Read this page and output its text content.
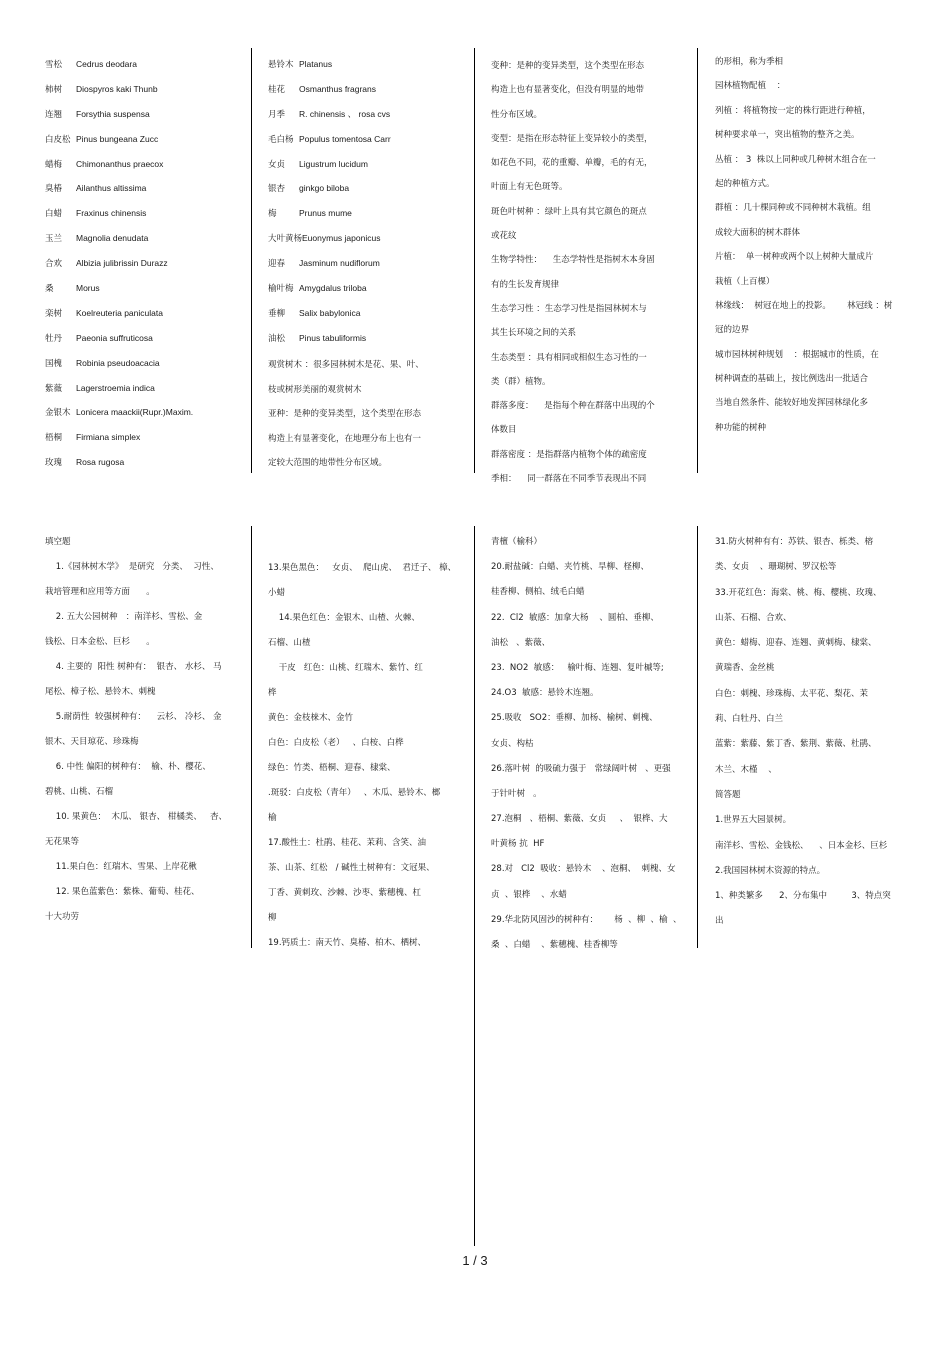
雪松 Cedrus deodara

柿树 Diospyros kaki Thunb

连翘 Forsythia suspensa

白皮松 Pinus bungeana Zucc

蜡梅 Chimonanthus praecox

臭椿 Ailanthus altissima

白蜡 Fraxinus chinensis

玉兰 Magnolia denudata

合欢 Albizia julibrissin Durazz

桑	Morus

栾树 Koelreuteria paniculata

牡丹 Paeonia suffruticosa

国槐 Robinia pseudoacacia

紫薇 Lagerstroemia indica

金银木 Lonicera maackii(Rupr.)Maxim.

梧桐 Firmiana simplex

玫瑰 Rosa rugosa

悬铃木 Platanus

桂花 Osmanthus fragrans

月季 R. chinensis 、 rosa cvs

毛白杨 Populus tomentosa Carr

女贞 Ligustrum lucidum

银杏 ginkgo biloba

梅	Prunus mume

大叶黄杨Euonymus japonicus

迎春 Jasminum nudiflorum

榆叶梅 Amygdalus triloba

垂柳 Salix babylonica

油松 Pinus tabuliformis

观赏树木 ：很多园林树木是花、果、叶、

枝或树形美丽的观赏树木

亚种：是种的变异类型，这个类型在形态

构造上有显著变化，在地理分布上也有一

定较大范围的地带性分布区域。

变种：是种的变异类型，这个类型在形态

构造上也有显著变化，但没有明显的地带

性分布区域。

变型：是指在形态特征上变异较小的类型，

如花色不同，花的重瓣、单瓣，毛的有无，

叶面上有无色斑等。

斑色叶树种 ：绿叶上具有其它颜色的斑点

或花纹

生物学特性：    生态学特性是指树木本身固

有的生长发育规律

生态学习性 ：生态学习性是指园林树木与

其生长环境之间的关系

生态类型 ：具有相同或相似生态习性的一

类（群）植物。

群落多度：    是指每个种在群落中出现的个

体数目

群落密度 ：是指群落内植物个体的疏密度

季相：    同一群落在不同季节表现出不同

的形相，称为季相

园林植物配植    ：

列植 ：将植物按一定的株行距进行种植，

树种要求单一，突出植物的整齐之美。

丛植 ： 3  株以上同种或几种树木组合在一

起的种植方式。

群植 ：几十棵同种或不同种树木栽植。组

成较大面积的树木群体

片植：  单一树种或两个以上树种大量成片

栽植（上百棵）

林缘线：  树冠在地上的投影。      林冠线 ：树

冠的边界

城市园林树种规划    ：根据城市的性质，在

树种调查的基础上，按比例选出一批适合

当地自然条件、能较好地发挥园林绿化多

种功能的树种

填空题

1.《园林树木学》  是研究   分类、  习性、

栽培管理和应用等方面      。

2. 五大公园树种   ：南洋杉、雪松、金

钱松、日本金松、巨杉      。

4. 主要的  阳性 树种有：  银杏、 水杉、 马

尾松、樟子松、悬铃木、刺槐

5.耐荫性  较强树种有：    云杉、 冷杉、 金

银木、天目琼花、珍珠梅

6. 中性 偏阳的树种有：  榆、朴、樱花、

碧桃、山桃、石榴

10. 果黄色：  木瓜、 银杏、 柑橘类、   杏、

无花果等

11.果白色：红瑞木、雪果、上岸花楸

12. 果色蓝紫色：紫株、葡萄、桂花、

十大功劳

13.果色黑色：   女贞、  爬山虎、  君迁子、 樟、

小蜡

14.果色红色：金银木、山楂、火棘、

石榴、山楂

干皮   红色：山桃、红瑞木、紫竹、红

桦

黄色：金枝梾木、金竹

白色：白皮松（老）   、白桉、白桦

绿色：竹类、梧桐、迎春、棣棠、

.斑驳：白皮松（青年）   、木瓜、悬铃木、榔

榆

17.酸性土：杜鹃、桂花、茉莉、含笑、油

茶、山茶、红松   / 碱性土树种有：文冠果、

丁香、黄刺玫、沙棘、沙枣、紫穗槐、杠

柳

19.钙质土：南天竹、臭椿、柏木、栖树、

青檀（榆科）

20.耐盐碱：白蜡、夹竹桃、旱柳、柽柳、

桂香柳、侧柏、绒毛白蜡

22.  Cl2  敏感：加拿大杨    、圆柏、垂柳、

油松   、紫薇、

23.  NO2  敏感：   榆叶梅、连翘、复叶槭等;

24.O3  敏感：悬铃木连翘。

25.吸收   SO2：垂柳、加杨、榆树、刺槐、

女贞、构枯

26.落叶树  的吸硫力强于   常绿阔叶树   、更强

于针叶树   。

27.泡桐   、梧桐、紫薇、女贞     、  银桦、大

叶黄杨 抗  HF

28.对   Cl2  吸收：悬铃木    、泡桐、  刺槐、女

贞  、银桦    、水蜡

29.华北防风固沙的树种有：      杨  、柳  、榆  、

桑  、白蜡    、紫穗槐、桂香柳等

31.防火树种有有：苏铁、银杏、栎类、榕

类、女贞    、珊瑚树、罗汉松等

33.开花红色：海棠、桃、梅、樱桃、玫瑰、

山茶、石榴、合欢、

黄色：蜡梅、迎春、连翘、黄刺梅、棣棠、

黄瑞香、金丝桃

白色：刺槐、珍珠梅、太平花、梨花、茉

莉、白牡丹、白兰

蓝紫：紫藤、紫丁香、紫荆、紫薇、杜鹃、

木兰、木槿    、

简答题

1.世界五大园景树。

南洋杉、雪松、金钱松、    、日本金杉、巨杉

2.我国园林树木资源的特点。

1、种类繁多      2、分布集中         3、特点突

出

1 / 3
